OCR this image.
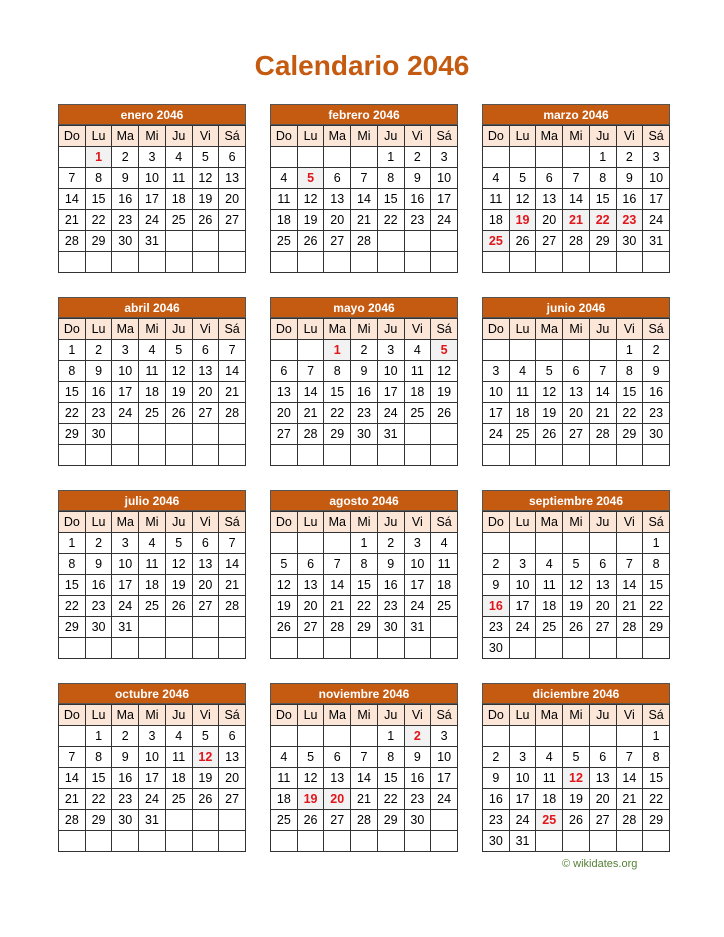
Calendario 2046
enero 2046
Do	Lu	Ma	Mi	Ju	Vi	Sá
	1	2	3	4	5	6
7	8	9	10	11	12	13
14	15	16	17	18	19	20
21	22	23	24	25	26	27
28	29	30	31			

febrero 2046
Do	Lu	Ma	Mi	Ju	Vi	Sá
				1	2	3
4	5	6	7	8	9	10
11	12	13	14	15	16	17
18	19	20	21	22	23	24
25	26	27	28			

marzo 2046
Do	Lu	Ma	Mi	Ju	Vi	Sá
				1	2	3
4	5	6	7	8	9	10
11	12	13	14	15	16	17
18	19	20	21	22	23	24
25	26	27	28	29	30	31

abril 2046
Do	Lu	Ma	Mi	Ju	Vi	Sá
1	2	3	4	5	6	7
8	9	10	11	12	13	14
15	16	17	18	19	20	21
22	23	24	25	26	27	28
29	30					

mayo 2046
Do	Lu	Ma	Mi	Ju	Vi	Sá
		1	2	3	4	5
6	7	8	9	10	11	12
13	14	15	16	17	18	19
20	21	22	23	24	25	26
27	28	29	30	31		

junio 2046
Do	Lu	Ma	Mi	Ju	Vi	Sá
					1	2
3	4	5	6	7	8	9
10	11	12	13	14	15	16
17	18	19	20	21	22	23
24	25	26	27	28	29	30

julio 2046
Do	Lu	Ma	Mi	Ju	Vi	Sá
1	2	3	4	5	6	7
8	9	10	11	12	13	14
15	16	17	18	19	20	21
22	23	24	25	26	27	28
29	30	31				

agosto 2046
Do	Lu	Ma	Mi	Ju	Vi	Sá
			1	2	3	4
5	6	7	8	9	10	11
12	13	14	15	16	17	18
19	20	21	22	23	24	25
26	27	28	29	30	31	

septiembre 2046
Do	Lu	Ma	Mi	Ju	Vi	Sá
						1
2	3	4	5	6	7	8
9	10	11	12	13	14	15
16	17	18	19	20	21	22
23	24	25	26	27	28	29
30						
octubre 2046
Do	Lu	Ma	Mi	Ju	Vi	Sá
	1	2	3	4	5	6
7	8	9	10	11	12	13
14	15	16	17	18	19	20
21	22	23	24	25	26	27
28	29	30	31			

noviembre 2046
Do	Lu	Ma	Mi	Ju	Vi	Sá
				1	2	3
4	5	6	7	8	9	10
11	12	13	14	15	16	17
18	19	20	21	22	23	24
25	26	27	28	29	30	

diciembre 2046
Do	Lu	Ma	Mi	Ju	Vi	Sá
						1
2	3	4	5	6	7	8
9	10	11	12	13	14	15
16	17	18	19	20	21	22
23	24	25	26	27	28	29
30	31					
© wikidates.org
